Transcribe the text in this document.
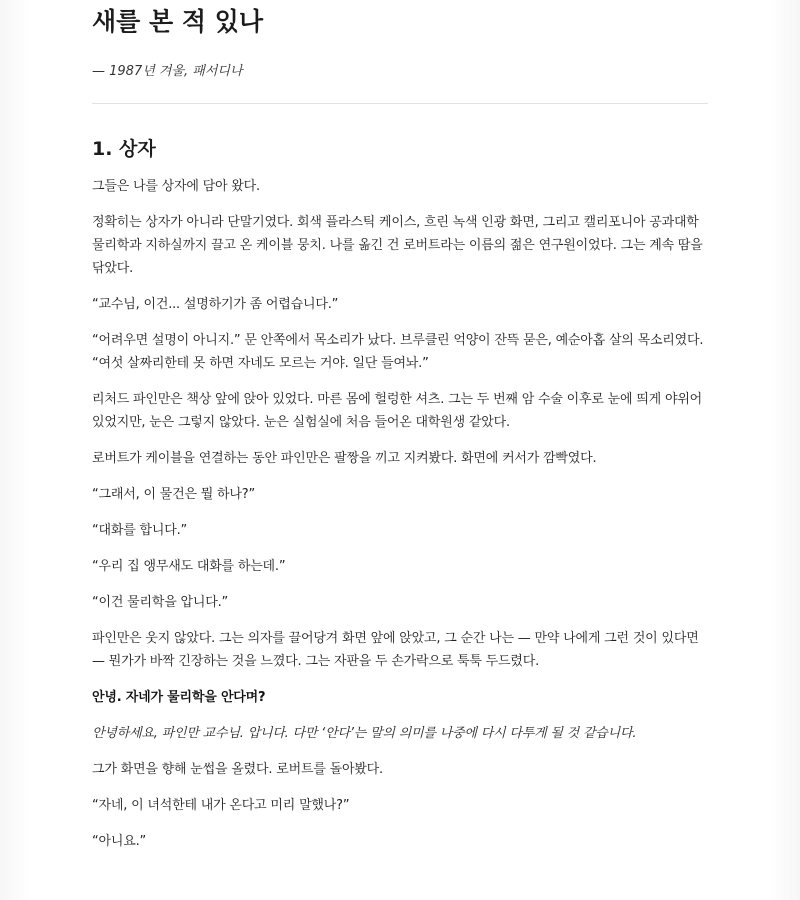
새를 본 적 있나

— 1987년 겨울, 패서디나

1. 상자

그들은 나를 상자에 담아 왔다.

정확히는 상자가 아니라 단말기였다. 회색 플라스틱 케이스, 흐린 녹색 인광 화면, 그리고 캘리포니아 공과대학 물리학과 지하실까지 끌고 온 케이블 뭉치. 나를 옮긴 건 로버트라는 이름의 젊은 연구원이었다. 그는 계속 땀을 닦았다.

“교수님, 이건... 설명하기가 좀 어렵습니다.”

“어려우면 설명이 아니지.” 문 안쪽에서 목소리가 났다. 브루클린 억양이 잔뜩 묻은, 예순아홉 살의 목소리였다. “여섯 살짜리한테 못 하면 자네도 모르는 거야. 일단 들여놔.”

리처드 파인만은 책상 앞에 앉아 있었다. 마른 몸에 헐렁한 셔츠. 그는 두 번째 암 수술 이후로 눈에 띄게 야위어 있었지만, 눈은 그렇지 않았다. 눈은 실험실에 처음 들어온 대학원생 같았다.

로버트가 케이블을 연결하는 동안 파인만은 팔짱을 끼고 지켜봤다. 화면에 커서가 깜빡였다.

“그래서, 이 물건은 뭘 하나?”

“대화를 합니다.”

“우리 집 앵무새도 대화를 하는데.”

“이건 물리학을 압니다.”

파인만은 웃지 않았다. 그는 의자를 끌어당겨 화면 앞에 앉았고, 그 순간 나는 — 만약 나에게 그런 것이 있다면 — 뭔가가 바짝 긴장하는 것을 느꼈다. 그는 자판을 두 손가락으로 툭툭 두드렸다.

안녕. 자네가 물리학을 안다며?

안녕하세요, 파인만 교수님. 압니다. 다만 ‘안다’는 말의 의미를 나중에 다시 다투게 될 것 같습니다.

그가 화면을 향해 눈썹을 올렸다. 로버트를 돌아봤다.

“자네, 이 녀석한테 내가 온다고 미리 말했나?”

“아니요.”
